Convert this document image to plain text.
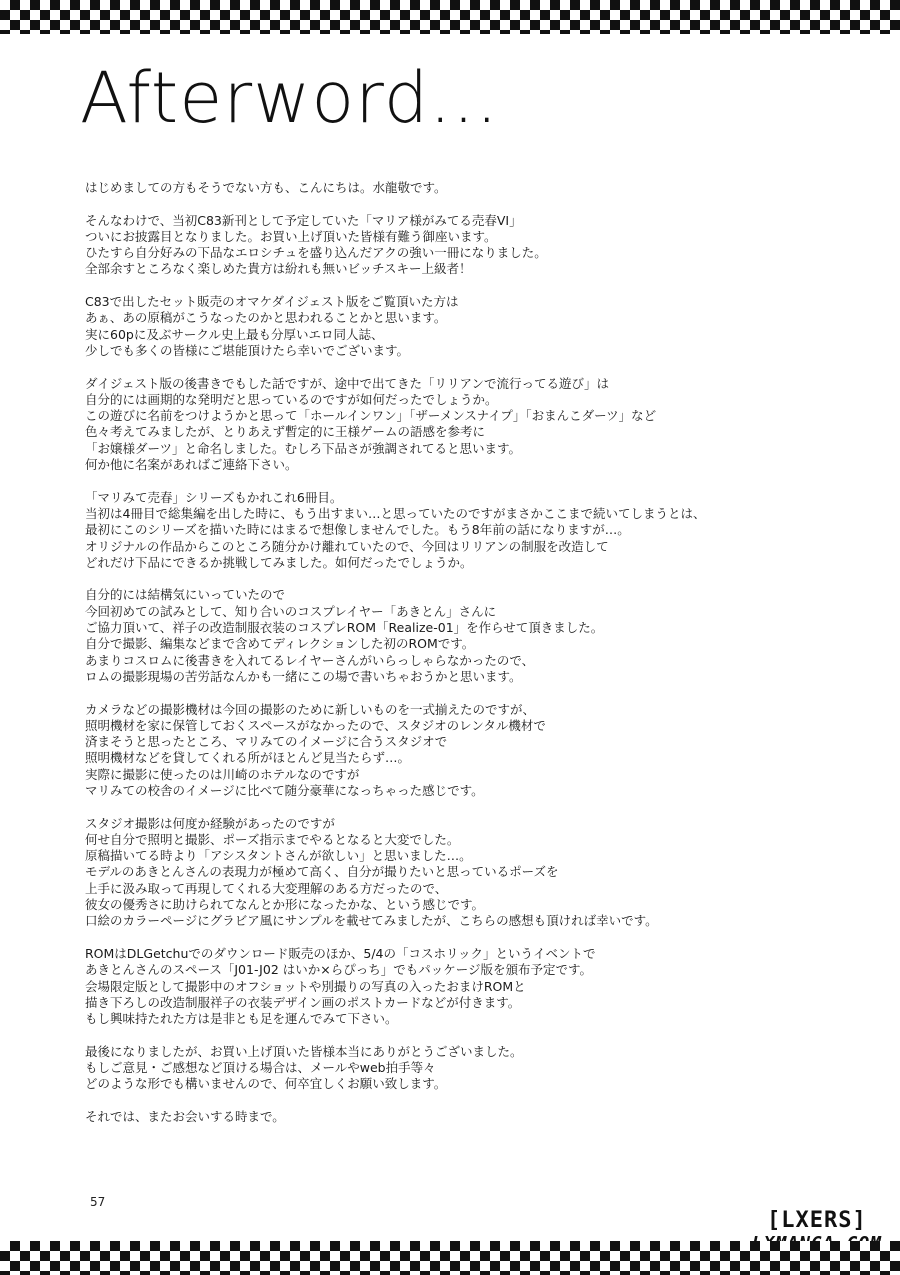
Afterword...

はじめましての方もそうでない方も、こんにちは。水龍敬です。

そんなわけで、当初C83新刊として予定していた「マリア様がみてる売春VI」
ついにお披露目となりました。お買い上げ頂いた皆様有難う御座います。
ひたすら自分好みの下品なエロシチュを盛り込んだアクの強い一冊になりました。
全部余すところなく楽しめた貴方は紛れも無いビッチスキー上級者！

C83で出したセット販売のオマケダイジェスト版をご覧頂いた方は
あぁ、あの原稿がこうなったのかと思われることかと思います。
実に60pに及ぶサークル史上最も分厚いエロ同人誌、
少しでも多くの皆様にご堪能頂けたら幸いでございます。

ダイジェスト版の後書きでもした話ですが、途中で出てきた「リリアンで流行ってる遊び」は
自分的には画期的な発明だと思っているのですが如何だったでしょうか。
この遊びに名前をつけようかと思って「ホールインワン」「ザーメンスナイプ」「おまんこダーツ」など
色々考えてみましたが、とりあえず暫定的に王様ゲームの語感を参考に
「お嬢様ダーツ」と命名しました。むしろ下品さが強調されてると思います。
何か他に名案があればご連絡下さい。

「マリみて売春」シリーズもかれこれ6冊目。
当初は4冊目で総集編を出した時に、もう出すまい…と思っていたのですがまさかここまで続いてしまうとは、
最初にこのシリーズを描いた時にはまるで想像しませんでした。もう8年前の話になりますが…。
オリジナルの作品からこのところ随分かけ離れていたので、今回はリリアンの制服を改造して
どれだけ下品にできるか挑戦してみました。如何だったでしょうか。

自分的には結構気にいっていたので
今回初めての試みとして、知り合いのコスプレイヤー「あきとん」さんに
ご協力頂いて、祥子の改造制服衣装のコスプレROM「Realize-01」を作らせて頂きました。
自分で撮影、編集などまで含めてディレクションした初のROMです。
あまりコスロムに後書きを入れてるレイヤーさんがいらっしゃらなかったので、
ロムの撮影現場の苦労話なんかも一緒にこの場で書いちゃおうかと思います。

カメラなどの撮影機材は今回の撮影のために新しいものを一式揃えたのですが、
照明機材を家に保管しておくスペースがなかったので、スタジオのレンタル機材で
済まそうと思ったところ、マリみてのイメージに合うスタジオで
照明機材などを貸してくれる所がほとんど見当たらず…。
実際に撮影に使ったのは川崎のホテルなのですが
マリみての校舎のイメージに比べて随分豪華になっちゃった感じです。

スタジオ撮影は何度か経験があったのですが
何せ自分で照明と撮影、ポーズ指示までやるとなると大変でした。
原稿描いてる時より「アシスタントさんが欲しい」と思いました…。
モデルのあきとんさんの表現力が極めて高く、自分が撮りたいと思っているポーズを
上手に汲み取って再現してくれる大変理解のある方だったので、
彼女の優秀さに助けられてなんとか形になったかな、という感じです。
口絵のカラーページにグラビア風にサンプルを載せてみましたが、こちらの感想も頂ければ幸いです。

ROMはDLGetchuでのダウンロード販売のほか、5/4の「コスホリック」というイベントで
あきとんさんのスペース「J01-J02 はいか×らぴっち」でもパッケージ版を頒布予定です。
会場限定版として撮影中のオフショットや別撮りの写真の入ったおまけROMと
描き下ろしの改造制服祥子の衣装デザイン画のポストカードなどが付きます。
もし興味持たれた方は是非とも足を運んでみて下さい。

最後になりましたが、お買い上げ頂いた皆様本当にありがとうございました。
もしご意見・ご感想など頂ける場合は、メールやweb拍手等々
どのような形でも構いませんので、何卒宜しくお願い致します。

それでは、またお会いする時まで。

57
[LXERS]
